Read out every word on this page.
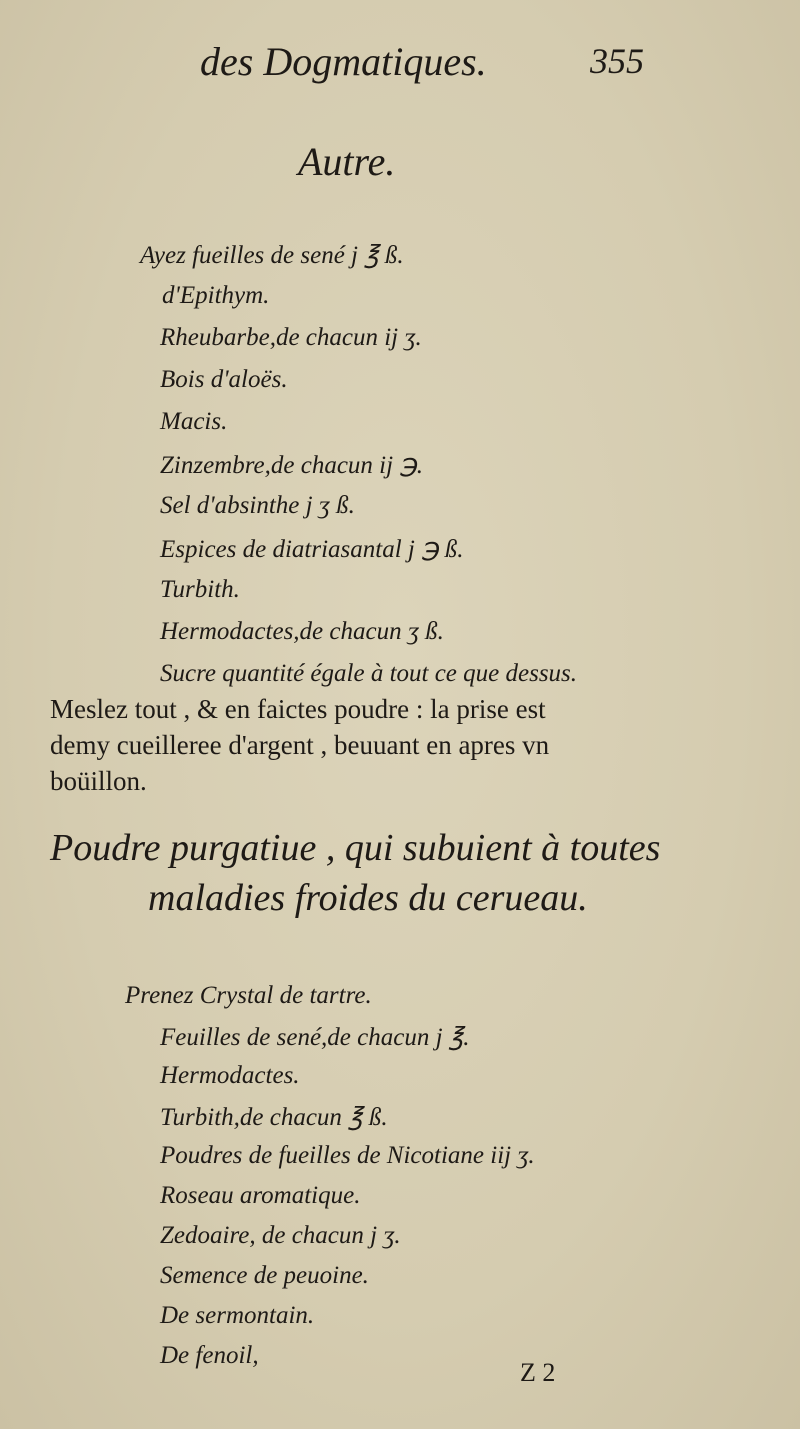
des Dogmatiques.	355
Autre.
Ayez fueilles de sené j ℥ ß.
d'Epithym.
Rheubarbe,de chacun ij ʒ.
Bois d'aloës.
Macis.
Zinzembre,de chacun ij ℈.
Sel d'absinthe j ʒ ß.
Espices de diatriasantal j ℈ ß.
Turbith.
Hermodactes,de chacun ʒ ß.
Sucre quantité égale à tout ce que dessus.
Meslez tout , & en faictes poudre : la prise est
demy cueilleree d'argent , beuuant en apres vn
boüillon.
Poudre purgatiue , qui subuient à toutes
maladies froides du cerueau.
Prenez Crystal de tartre.
Feuilles de sené,de chacun j ℥.
Hermodactes.
Turbith,de chacun ℥ ß.
Poudres de fueilles de Nicotiane iij ʒ.
Roseau aromatique.
Zedoaire, de chacun j ʒ.
Semence de peuoine.
De sermontain.
De fenoil,
Z 2
